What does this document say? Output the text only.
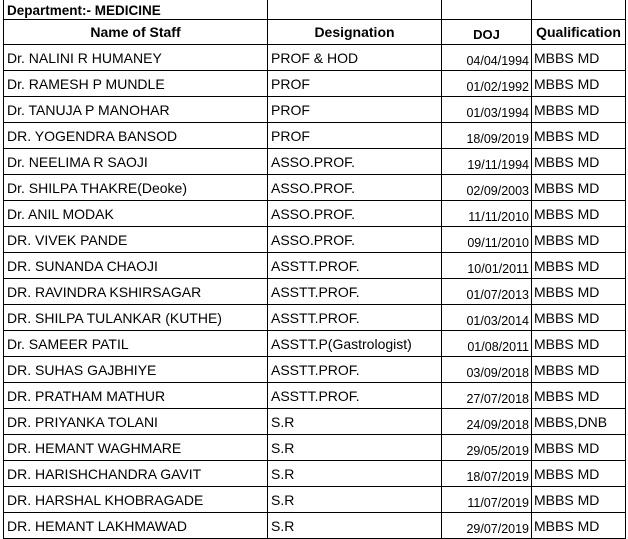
Department:- MEDICINE			
Name of Staff	Designation	DOJ	Qualification
Dr. NALINI R HUMANEY	PROF & HOD	04/04/1994	MBBS MD
Dr. RAMESH P MUNDLE	PROF	01/02/1992	MBBS MD
Dr. TANUJA P MANOHAR	PROF	01/03/1994	MBBS MD
DR. YOGENDRA BANSOD	PROF	18/09/2019	MBBS MD
Dr. NEELIMA R SAOJI	ASSO.PROF.	19/11/1994	MBBS MD
Dr. SHILPA THAKRE(Deoke)	ASSO.PROF.	02/09/2003	MBBS MD
Dr. ANIL MODAK	ASSO.PROF.	11/11/2010	MBBS MD
DR. VIVEK PANDE	ASSO.PROF.	09/11/2010	MBBS MD
DR. SUNANDA CHAOJI	ASSTT.PROF.	10/01/2011	MBBS MD
DR. RAVINDRA KSHIRSAGAR	ASSTT.PROF.	01/07/2013	MBBS MD
DR. SHILPA TULANKAR (KUTHE)	ASSTT.PROF.	01/03/2014	MBBS MD
Dr. SAMEER PATIL	ASSTT.P(Gastrologist)	01/08/2011	MBBS MD
DR. SUHAS GAJBHIYE	ASSTT.PROF.	03/09/2018	MBBS MD
DR. PRATHAM MATHUR	ASSTT.PROF.	27/07/2018	MBBS MD
DR. PRIYANKA TOLANI	S.R	24/09/2018	MBBS,DNB
DR. HEMANT WAGHMARE	S.R	29/05/2019	MBBS MD
DR. HARISHCHANDRA GAVIT	S.R	18/07/2019	MBBS MD
DR. HARSHAL KHOBRAGADE	S.R	11/07/2019	MBBS MD
DR. HEMANT LAKHMAWAD	S.R	29/07/2019	MBBS MD
